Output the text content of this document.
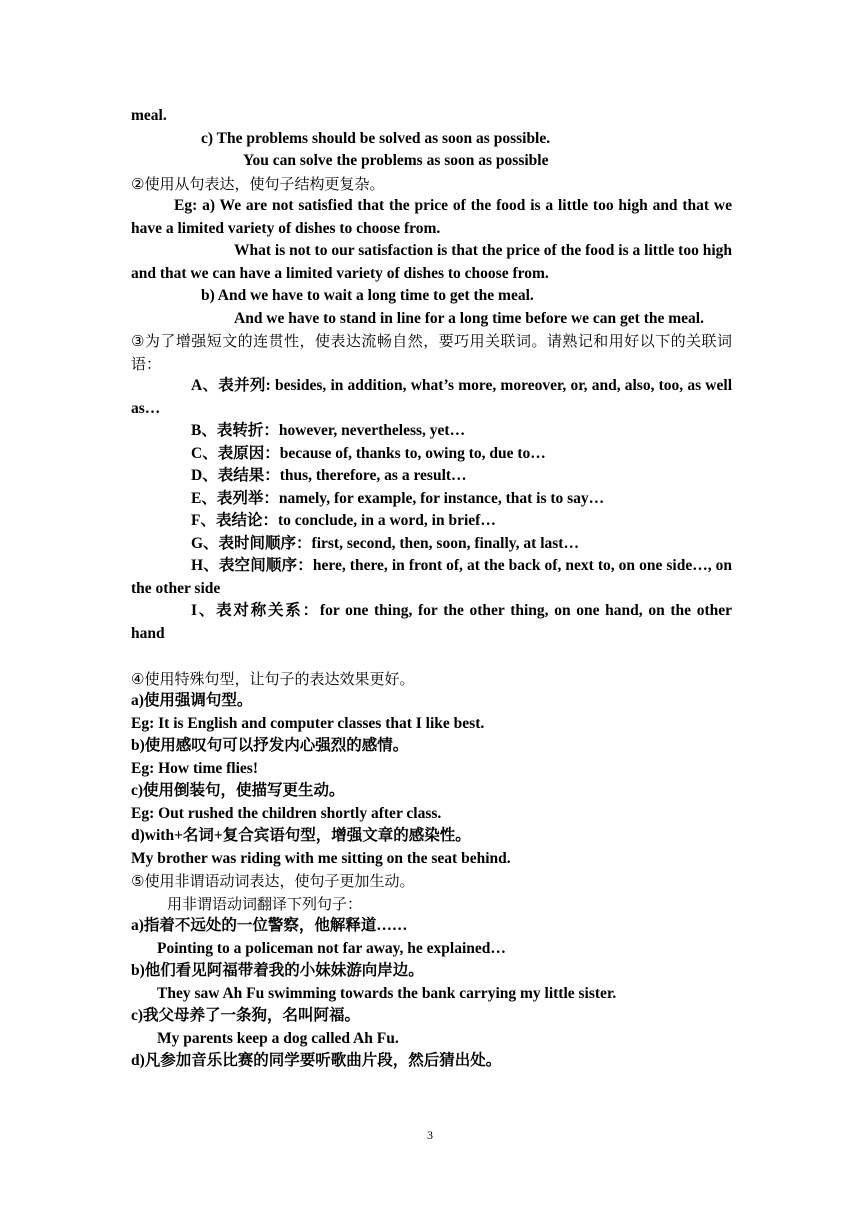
meal.
c) The problems should be solved as soon as possible.
You can solve the problems as soon as possible
②使用从句表达，使句子结构更复杂。
Eg: a) We are not satisfied that the price of the food is a little too high and that we have a limited variety of dishes to choose from.
What is not to our satisfaction is that the price of the food is a little too high and that we can have a limited variety of dishes to choose from.
b) And we have to wait a long time to get the meal.
And we have to stand in line for a long time before we can get the meal.
③为了增强短文的连贯性，使表达流畅自然，要巧用关联词。请熟记和用好以下的关联词语：
A、表并列: besides, in addition, what’s more, moreover, or, and, also, too, as well as…
B、表转折：however, nevertheless, yet…
C、表原因：because of, thanks to, owing to, due to…
D、表结果：thus, therefore, as a result…
E、表列举：namely, for example, for instance, that is to say…
F、表结论：to conclude, in a word, in brief…
G、表时间顺序：first, second, then, soon, finally, at last…
H、表空间顺序：here, there, in front of, at the back of, next to, on one side…, on the other side
I、表对称关系：for one thing, for the other thing, on one hand, on the other hand
④使用特殊句型，让句子的表达效果更好。
a)使用强调句型。
Eg: It is English and computer classes that I like best.
b)使用感叹句可以抒发内心强烈的感情。
Eg: How time flies!
c)使用倒装句，使描写更生动。
Eg: Out rushed the children shortly after class.
d)with+名词+复合宾语句型，增强文章的感染性。
My brother was riding with me sitting on the seat behind.
⑤使用非谓语动词表达，使句子更加生动。
用非谓语动词翻译下列句子：
a)指着不远处的一位警察，他解释道……
Pointing to a policeman not far away, he explained…
b)他们看见阿福带着我的小妹妹游向岸边。
They saw Ah Fu swimming towards the bank carrying my little sister.
c)我父母养了一条狗，名叫阿福。
My parents keep a dog called Ah Fu.
d)凡参加音乐比赛的同学要听歌曲片段，然后猜出处。
3
